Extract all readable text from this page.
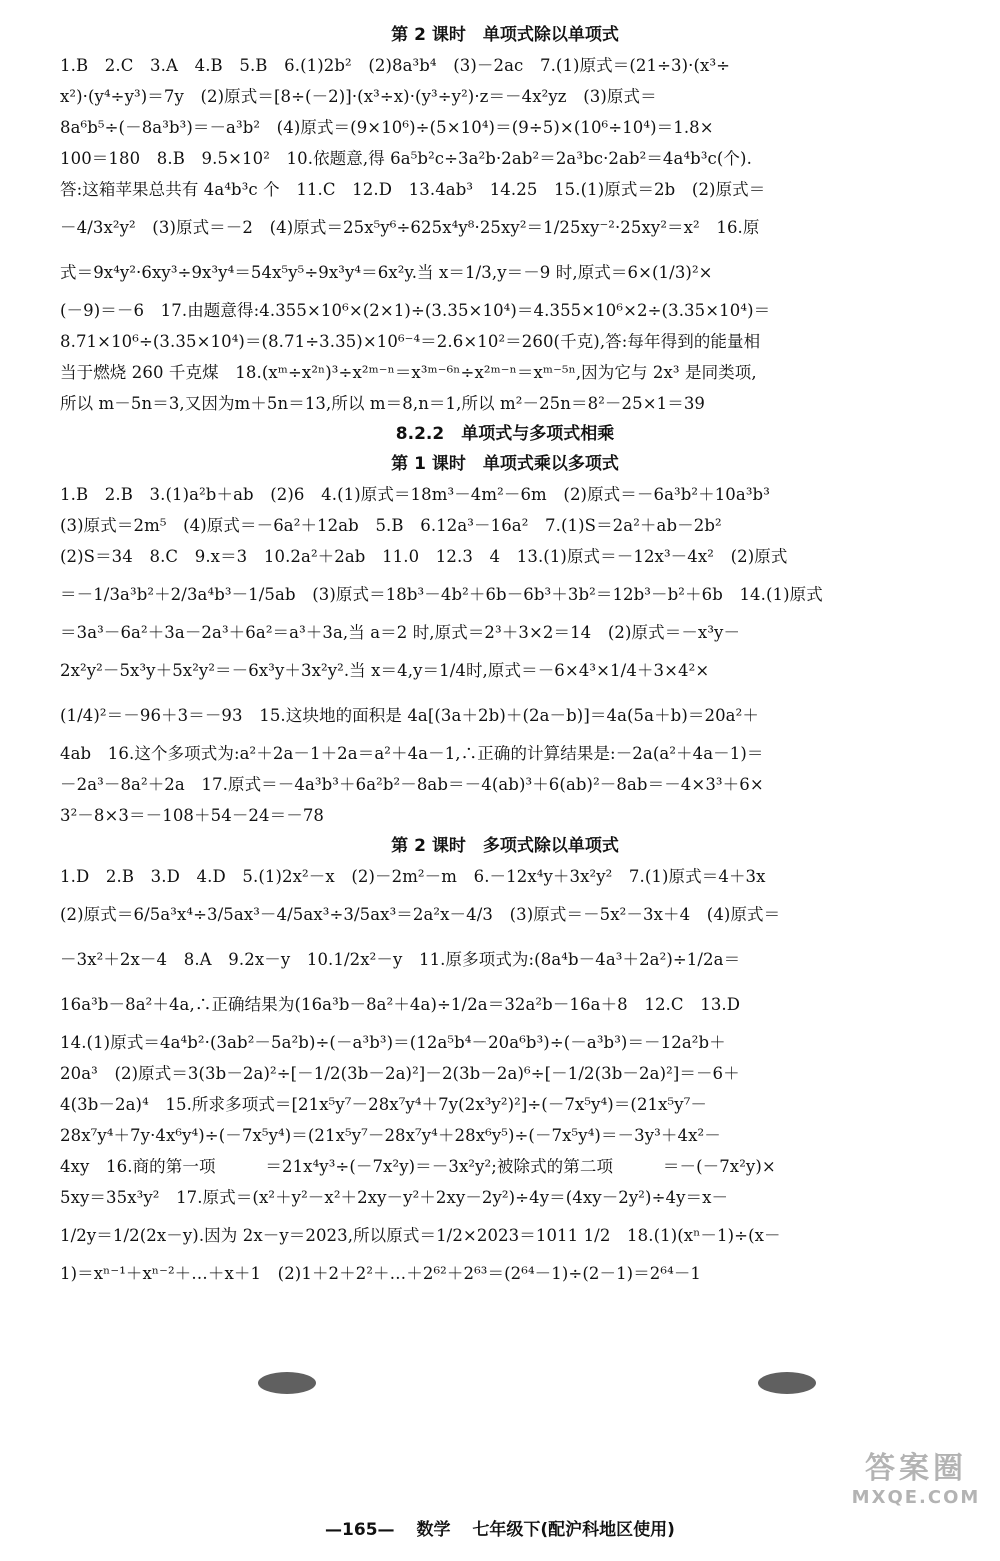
第 2 课时　单项式除以单项式

1.B　2.C　3.A　4.B　5.B　6.(1)2b²　(2)8a³b⁴　(3)－2ac　7.(1)原式＝(21÷3)·(x³÷

x²)·(y⁴÷y³)＝7y　(2)原式＝[8÷(－2)]·(x³÷x)·(y³÷y²)·z＝－4x²yz　(3)原式＝

8a⁶b⁵÷(－8a³b³)＝－a³b²　(4)原式＝(9×10⁶)÷(5×10⁴)＝(9÷5)×(10⁶÷10⁴)＝1.8×

100＝180　8.B　9.5×10²　10.依题意,得 6a⁵b²c÷3a²b·2ab²＝2a³bc·2ab²＝4a⁴b³c(个).

答:这箱苹果总共有 4a⁴b³c 个　11.C　12.D　13.4ab³　14.25　15.(1)原式＝2b　(2)原式＝

－4/3x²y²　(3)原式＝－2　(4)原式＝25x⁵y⁶÷625x⁴y⁸·25xy²＝1/25xy⁻²·25xy²＝x²　16.原

式＝9x⁴y²·6xy³÷9x³y⁴＝54x⁵y⁵÷9x³y⁴＝6x²y.当 x＝1/3,y＝－9 时,原式＝6×(1/3)²×

(－9)＝－6　17.由题意得:4.355×10⁶×(2×1)÷(3.35×10⁴)＝4.355×10⁶×2÷(3.35×10⁴)＝

8.71×10⁶÷(3.35×10⁴)＝(8.71÷3.35)×10⁶⁻⁴＝2.6×10²＝260(千克),答:每年得到的能量相

当于燃烧 260 千克煤　18.(xᵐ÷x²ⁿ)³÷x²ᵐ⁻ⁿ＝x³ᵐ⁻⁶ⁿ÷x²ᵐ⁻ⁿ＝xᵐ⁻⁵ⁿ,因为它与 2x³ 是同类项,

所以 m－5n＝3,又因为m＋5n＝13,所以 m＝8,n＝1,所以 m²－25n＝8²－25×1＝39

8.2.2　单项式与多项式相乘

第 1 课时　单项式乘以多项式

1.B　2.B　3.(1)a²b＋ab　(2)6　4.(1)原式＝18m³－4m²－6m　(2)原式＝－6a³b²＋10a³b³

(3)原式＝2m⁵　(4)原式＝－6a²＋12ab　5.B　6.12a³－16a²　7.(1)S＝2a²＋ab－2b²

(2)S＝34　8.C　9.x＝3　10.2a²＋2ab　11.0　12.3　4　13.(1)原式＝－12x³－4x²　(2)原式

＝－1/3a³b²＋2/3a⁴b³－1/5ab　(3)原式＝18b³－4b²＋6b－6b³＋3b²＝12b³－b²＋6b　14.(1)原式

＝3a³－6a²＋3a－2a³＋6a²＝a³＋3a,当 a＝2 时,原式＝2³＋3×2＝14　(2)原式＝－x³y－

2x²y²－5x³y＋5x²y²＝－6x³y＋3x²y².当 x＝4,y＝1/4时,原式＝－6×4³×1/4＋3×4²×

(1/4)²＝－96＋3＝－93　15.这块地的面积是 4a[(3a＋2b)＋(2a－b)]＝4a(5a＋b)＝20a²＋

4ab　16.这个多项式为:a²＋2a－1＋2a＝a²＋4a－1,∴正确的计算结果是:－2a(a²＋4a－1)＝

－2a³－8a²＋2a　17.原式＝－4a³b³＋6a²b²－8ab＝－4(ab)³＋6(ab)²－8ab＝－4×3³＋6×

3²－8×3＝－108＋54－24＝－78

第 2 课时　多项式除以单项式

1.D　2.B　3.D　4.D　5.(1)2x²－x　(2)－2m²－m　6.－12x⁴y＋3x²y²　7.(1)原式＝4＋3x

(2)原式＝6/5a³x⁴÷3/5ax³－4/5ax³÷3/5ax³＝2a²x－4/3　(3)原式＝－5x²－3x＋4　(4)原式＝

－3x²＋2x－4　8.A　9.2x－y　10.1/2x²－y　11.原多项式为:(8a⁴b－4a³＋2a²)÷1/2a＝

16a³b－8a²＋4a,∴正确结果为(16a³b－8a²＋4a)÷1/2a＝32a²b－16a＋8　12.C　13.D

14.(1)原式＝4a⁴b²·(3ab²－5a²b)÷(－a³b³)＝(12a⁵b⁴－20a⁶b³)÷(－a³b³)＝－12a²b＋

20a³　(2)原式＝3(3b－2a)²÷[－1/2(3b－2a)²]－2(3b－2a)⁶÷[－1/2(3b－2a)²]＝－6＋

4(3b－2a)⁴　15.所求多项式＝[21x⁵y⁷－28x⁷y⁴＋7y(2x³y²)²]÷(－7x⁵y⁴)＝(21x⁵y⁷－

28x⁷y⁴＋7y·4x⁶y⁴)÷(－7x⁵y⁴)＝(21x⁵y⁷－28x⁷y⁴＋28x⁶y⁵)÷(－7x⁵y⁴)＝－3y³＋4x²－

4xy　16.商的第一项　　　＝21x⁴y³÷(－7x²y)＝－3x²y²;被除式的第二项　　　＝－(－7x²y)×

5xy＝35x³y²　17.原式＝(x²＋y²－x²＋2xy－y²＋2xy－2y²)÷4y＝(4xy－2y²)÷4y＝x－

1/2y＝1/2(2x－y).因为 2x－y＝2023,所以原式＝1/2×2023＝1011 1/2　18.(1)(xⁿ－1)÷(x－

1)＝xⁿ⁻¹＋xⁿ⁻²＋…＋x＋1　(2)1＋2＋2²＋…＋2⁶²＋2⁶³＝(2⁶⁴－1)÷(2－1)＝2⁶⁴－1

答案圈
MXQE.COM
—165— 数学 七年级下(配沪科地区使用)
